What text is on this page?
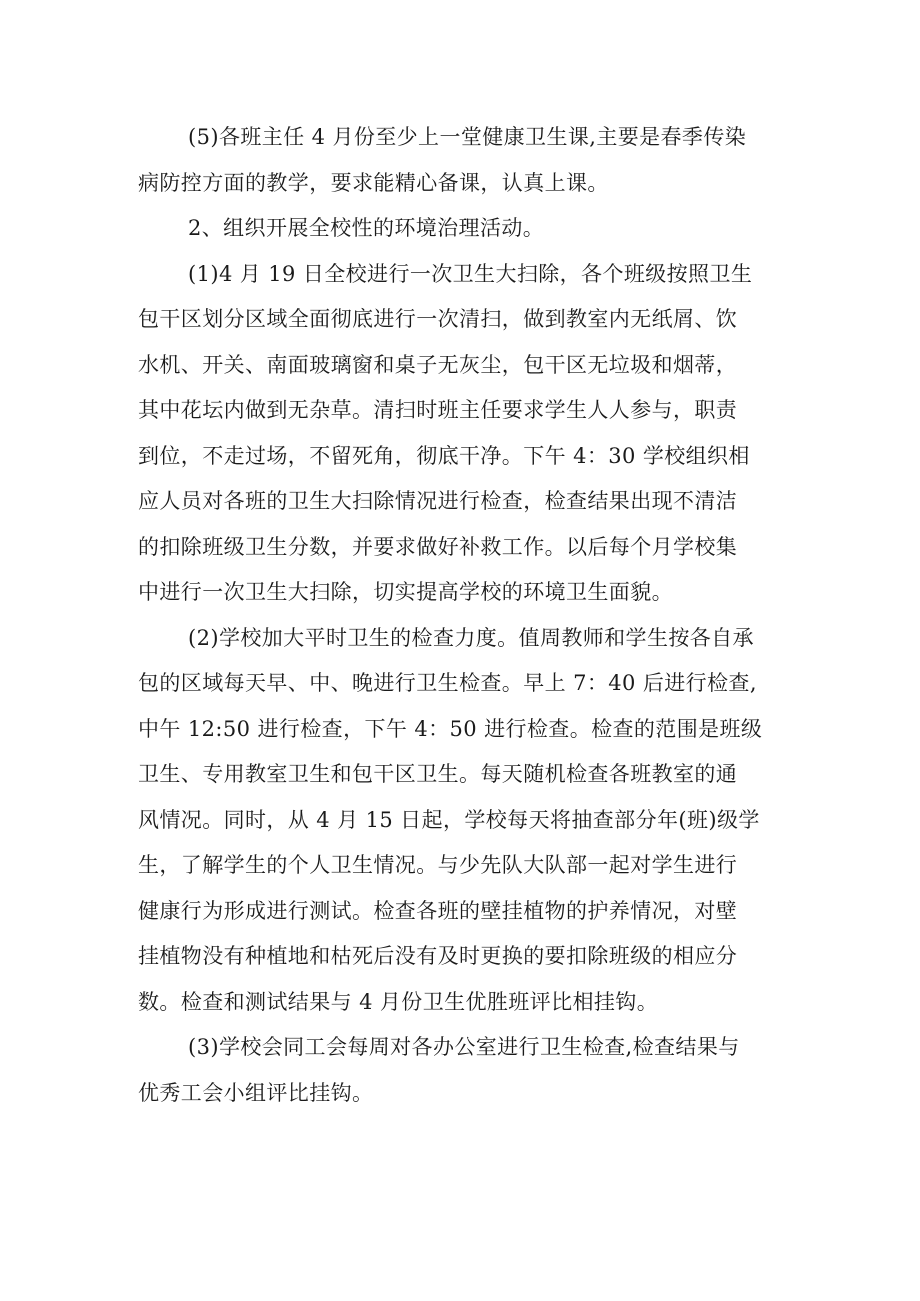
(5)各班主任 4 月份至少上一堂健康卫生课,主要是春季传染
病防控方面的教学，要求能精心备课，认真上课。
2、组织开展全校性的环境治理活动。
(1)4 月 19 日全校进行一次卫生大扫除，各个班级按照卫生
包干区划分区域全面彻底进行一次清扫，做到教室内无纸屑、饮
水机、开关、南面玻璃窗和桌子无灰尘，包干区无垃圾和烟蒂，
其中花坛内做到无杂草。清扫时班主任要求学生人人参与，职责
到位，不走过场，不留死角，彻底干净。下午 4：30 学校组织相
应人员对各班的卫生大扫除情况进行检查，检查结果出现不清洁
的扣除班级卫生分数，并要求做好补救工作。以后每个月学校集
中进行一次卫生大扫除，切实提高学校的环境卫生面貌。
(2)学校加大平时卫生的检查力度。值周教师和学生按各自承
包的区域每天早、中、晚进行卫生检查。早上 7：40 后进行检查,
中午 12:50 进行检查，下午 4：50 进行检查。检查的范围是班级
卫生、专用教室卫生和包干区卫生。每天随机检查各班教室的通
风情况。同时，从 4 月 15 日起，学校每天将抽查部分年(班)级学
生，了解学生的个人卫生情况。与少先队大队部一起对学生进行
健康行为形成进行测试。检查各班的壁挂植物的护养情况，对壁
挂植物没有种植地和枯死后没有及时更换的要扣除班级的相应分
数。检查和测试结果与 4 月份卫生优胜班评比相挂钩。
(3)学校会同工会每周对各办公室进行卫生检查,检查结果与
优秀工会小组评比挂钩。
